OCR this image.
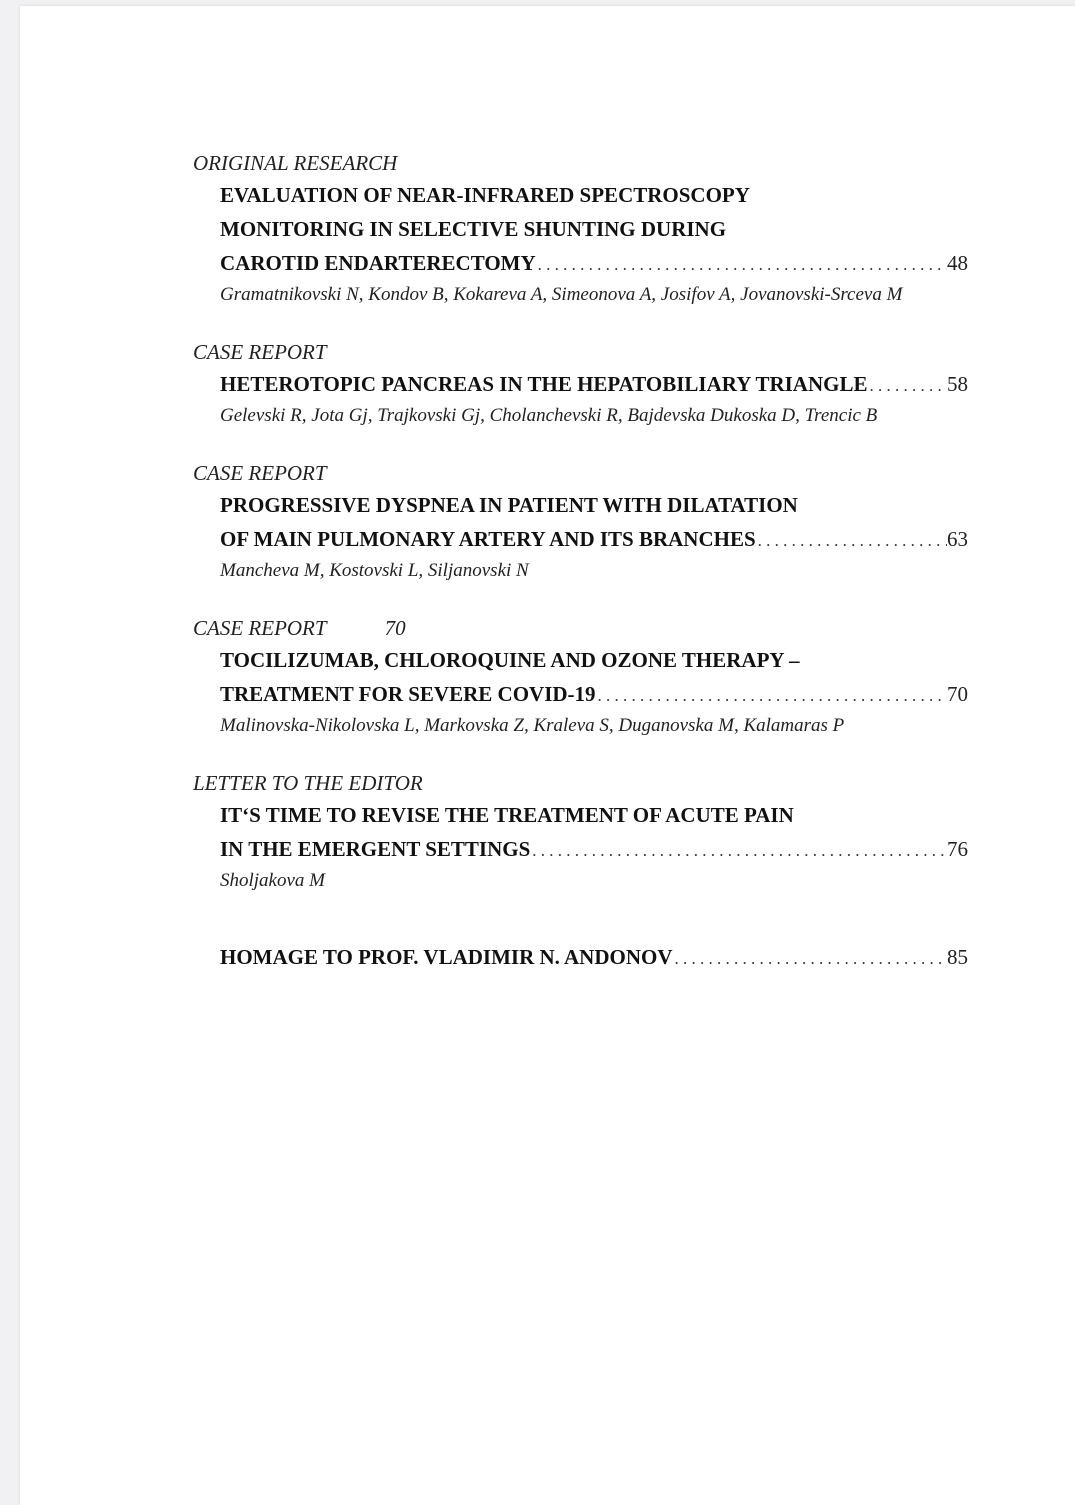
ORIGINAL RESEARCH
EVALUATION OF NEAR-INFRARED SPECTROSCOPY
MONITORING IN SELECTIVE SHUNTING DURING
CAROTID ENDARTERECTOMY . . .	48
Gramatnikovski N, Kondov B, Kokareva A, Simeonova A, Josifov A, Jovanovski-Srceva M
CASE REPORT
HETEROTOPIC PANCREAS IN THE HEPATOBILIARY TRIANGLE . . .	58
Gelevski R, Jota Gj, Trajkovski Gj, Cholanchevski R, Bajdevska Dukoska D, Trencic B
CASE REPORT
PROGRESSIVE DYSPNEA IN PATIENT WITH DILATATION
OF MAIN PULMONARY ARTERY AND ITS BRANCHES . . .	63
Mancheva M, Kostovski L, Siljanovski N
CASE REPORT	70
TOCILIZUMAB, CHLOROQUINE AND OZONE THERAPY –
TREATMENT FOR SEVERE COVID-19 . . .	70
Malinovska-Nikolovska L, Markovska Z, Kraleva S, Duganovska M, Kalamaras P
LETTER TO THE EDITOR
IT‘S TIME TO REVISE THE TREATMENT OF ACUTE PAIN
IN THE EMERGENT SETTINGS . . .	76
Sholjakova M
HOMAGE TO PROF. VLADIMIR N. ANDONOV . . .	85
